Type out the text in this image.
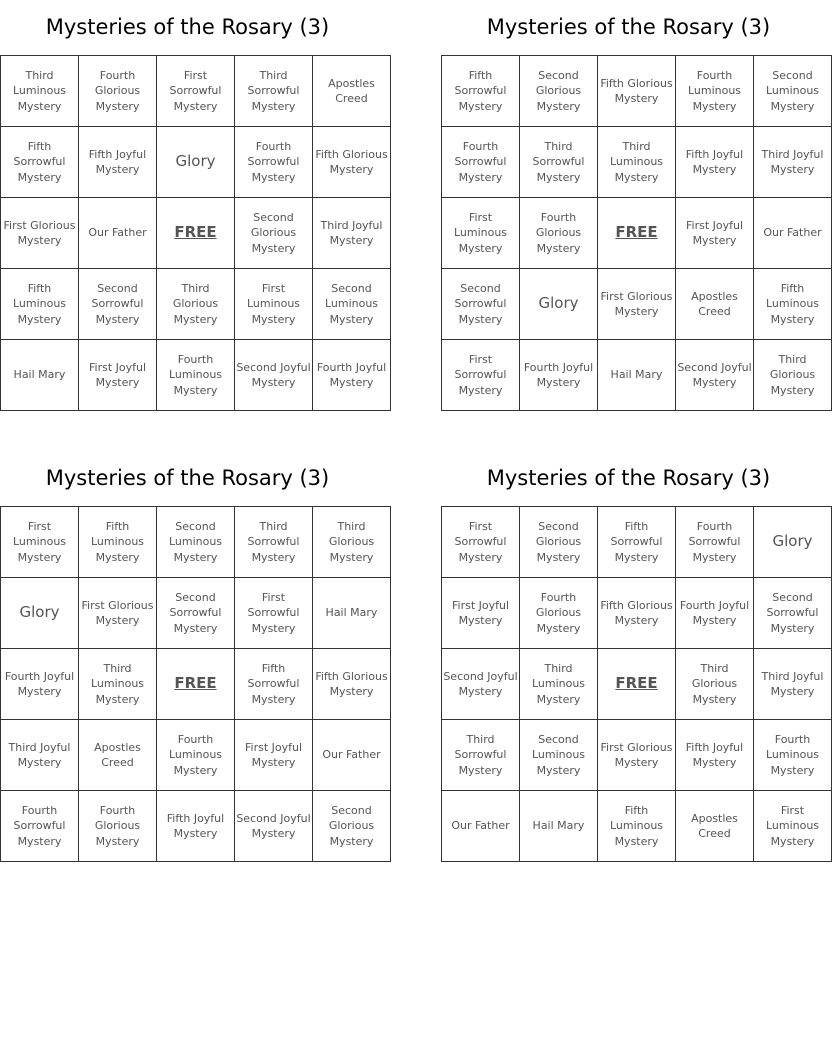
Mysteries of the Rosary (3)
Third Luminous Mystery	Fourth Glorious Mystery	First Sorrowful Mystery	Third Sorrowful Mystery	Apostles Creed
Fifth Sorrowful Mystery	Fifth Joyful Mystery	Glory	Fourth Sorrowful Mystery	Fifth Glorious Mystery
First Glorious Mystery	Our Father	FREE	Second Glorious Mystery	Third Joyful Mystery
Fifth Luminous Mystery	Second Sorrowful Mystery	Third Glorious Mystery	First Luminous Mystery	Second Luminous Mystery
Hail Mary	First Joyful Mystery	Fourth Luminous Mystery	Second Joyful Mystery	Fourth Joyful Mystery
Mysteries of the Rosary (3)
Fifth Sorrowful Mystery	Second Glorious Mystery	Fifth Glorious Mystery	Fourth Luminous Mystery	Second Luminous Mystery
Fourth Sorrowful Mystery	Third Sorrowful Mystery	Third Luminous Mystery	Fifth Joyful Mystery	Third Joyful Mystery
First Luminous Mystery	Fourth Glorious Mystery	FREE	First Joyful Mystery	Our Father
Second Sorrowful Mystery	Glory	First Glorious Mystery	Apostles Creed	Fifth Luminous Mystery
First Sorrowful Mystery	Fourth Joyful Mystery	Hail Mary	Second Joyful Mystery	Third Glorious Mystery
Mysteries of the Rosary (3)
First Luminous Mystery	Fifth Luminous Mystery	Second Luminous Mystery	Third Sorrowful Mystery	Third Glorious Mystery
Glory	First Glorious Mystery	Second Sorrowful Mystery	First Sorrowful Mystery	Hail Mary
Fourth Joyful Mystery	Third Luminous Mystery	FREE	Fifth Sorrowful Mystery	Fifth Glorious Mystery
Third Joyful Mystery	Apostles Creed	Fourth Luminous Mystery	First Joyful Mystery	Our Father
Fourth Sorrowful Mystery	Fourth Glorious Mystery	Fifth Joyful Mystery	Second Joyful Mystery	Second Glorious Mystery
Mysteries of the Rosary (3)
First Sorrowful Mystery	Second Glorious Mystery	Fifth Sorrowful Mystery	Fourth Sorrowful Mystery	Glory
First Joyful Mystery	Fourth Glorious Mystery	Fifth Glorious Mystery	Fourth Joyful Mystery	Second Sorrowful Mystery
Second Joyful Mystery	Third Luminous Mystery	FREE	Third Glorious Mystery	Third Joyful Mystery
Third Sorrowful Mystery	Second Luminous Mystery	First Glorious Mystery	Fifth Joyful Mystery	Fourth Luminous Mystery
Our Father	Hail Mary	Fifth Luminous Mystery	Apostles Creed	First Luminous Mystery
